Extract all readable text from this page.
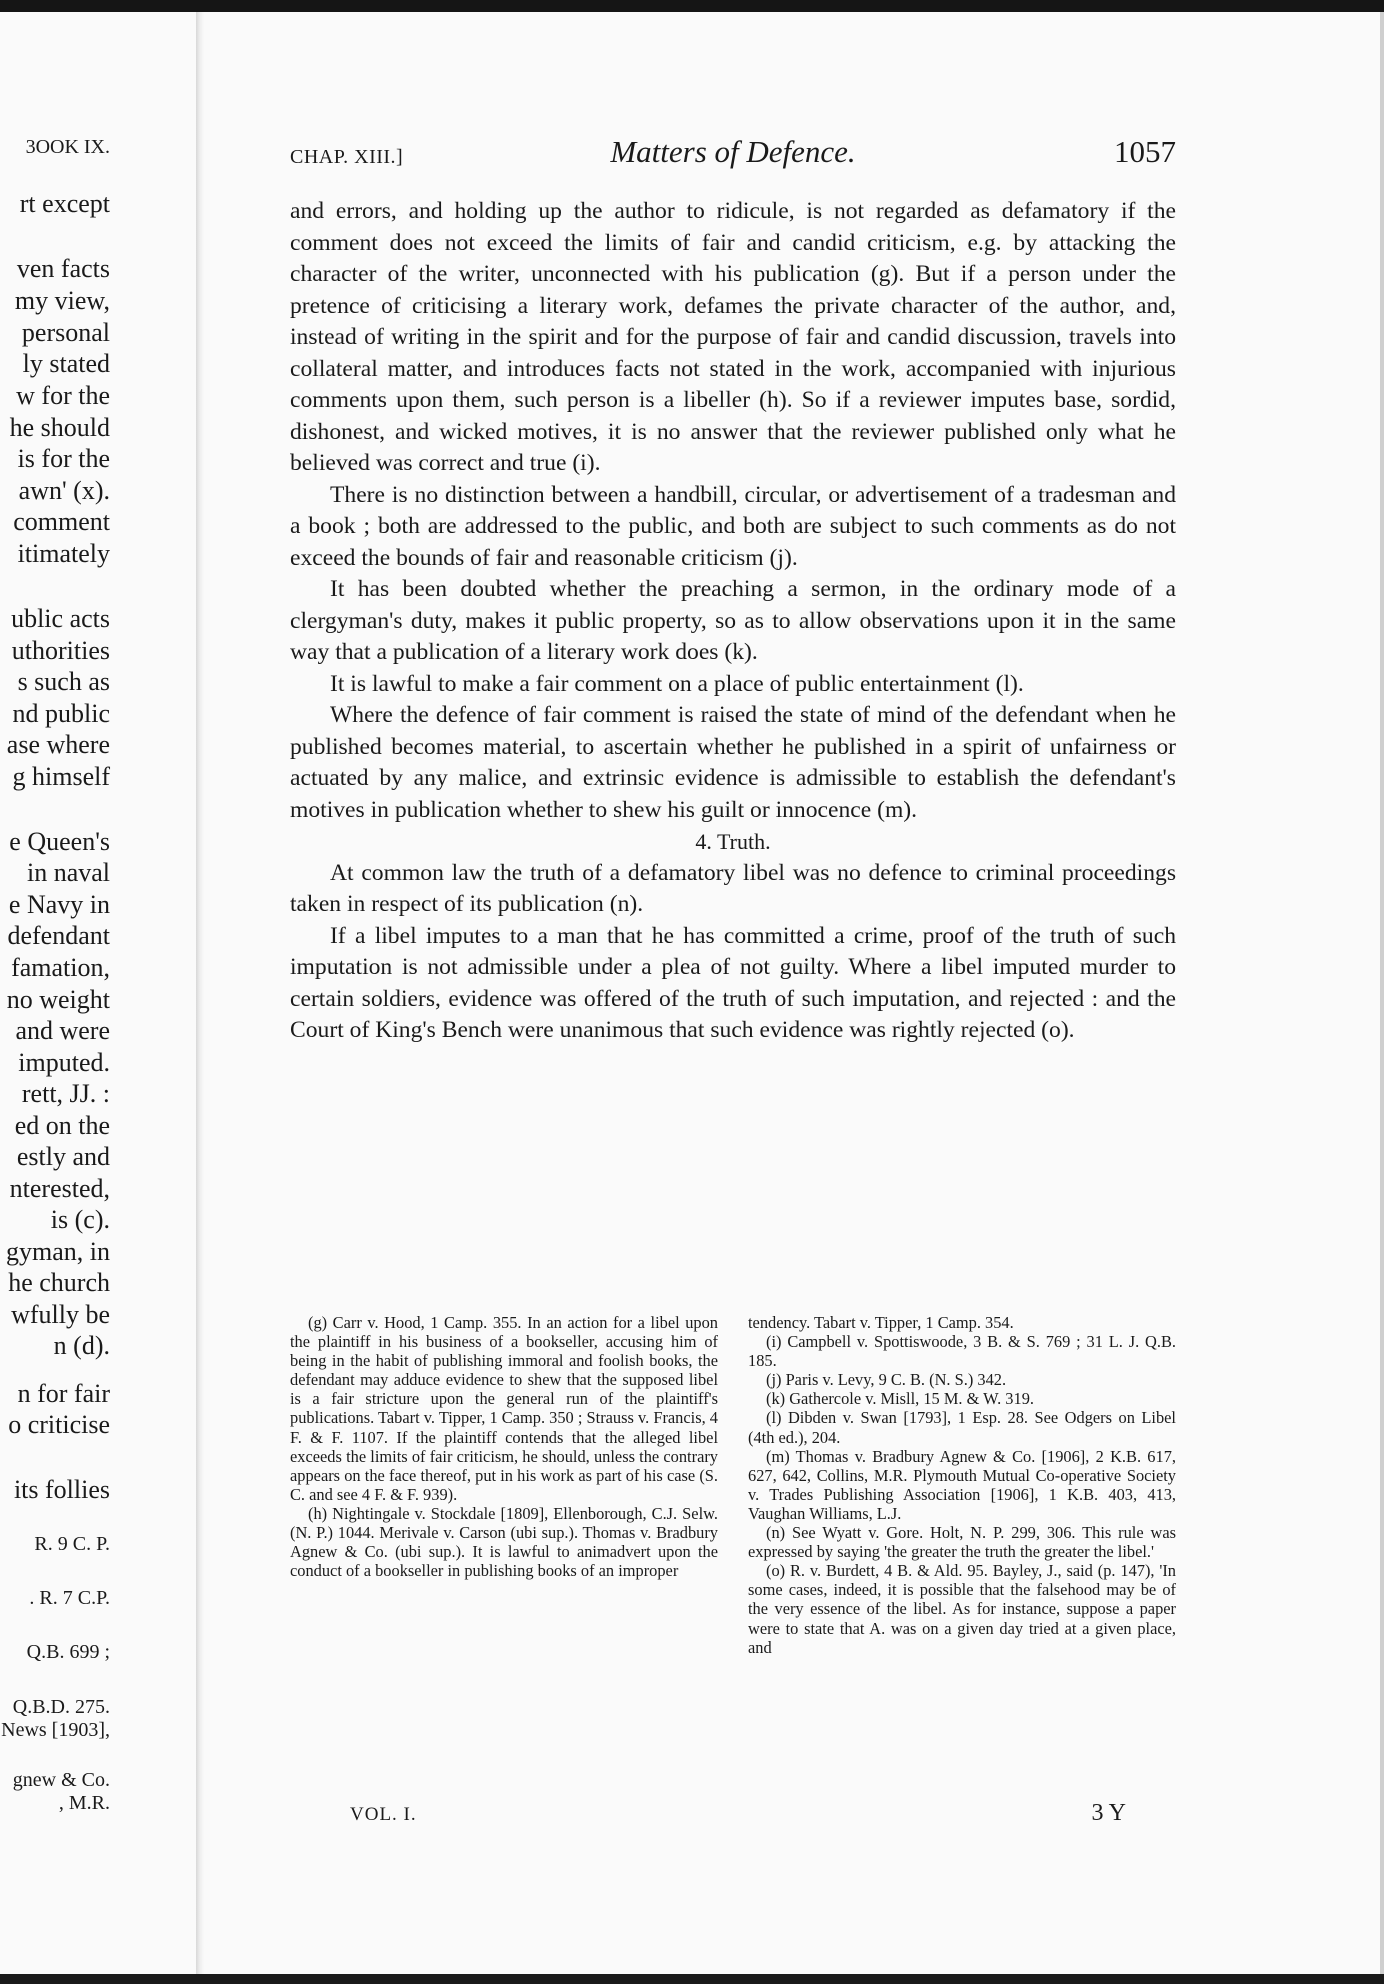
3OOK IX.
rt except
ven facts
my view,
personal
ly stated
w for the
he should
is for the
awn' (x).
comment
itimately
ublic acts
uthorities
s such as
nd public
ase where
g himself
e Queen's
in naval
e Navy in
defendant
famation,
no weight
and were
imputed.
rett, JJ. :
ed on the
estly and
nterested,
is (c).
gyman, in
he church
wfully be
n (d).
n for fair
o criticise
its follies
R. 9 C. P.
. R. 7 C.P.
Q.B. 699 ;
Q.B.D. 275.
News [1903],
gnew & Co.
, M.R.
CHAP. XIII.]	Matters of Defence.	1057

and errors, and holding up the author to ridicule, is not regarded as defamatory if the comment does not exceed the limits of fair and candid criticism, e.g. by attacking the character of the writer, unconnected with his publication (g). But if a person under the pretence of criticising a literary work, defames the private character of the author, and, instead of writing in the spirit and for the purpose of fair and candid discussion, travels into collateral matter, and introduces facts not stated in the work, accompanied with injurious comments upon them, such person is a libeller (h). So if a reviewer imputes base, sordid, dishonest, and wicked motives, it is no answer that the reviewer published only what he believed was correct and true (i).

There is no distinction between a handbill, circular, or advertisement of a tradesman and a book ; both are addressed to the public, and both are subject to such comments as do not exceed the bounds of fair and reasonable criticism (j).

It has been doubted whether the preaching a sermon, in the ordinary mode of a clergyman's duty, makes it public property, so as to allow observations upon it in the same way that a publication of a literary work does (k).

It is lawful to make a fair comment on a place of public entertainment (l).

Where the defence of fair comment is raised the state of mind of the defendant when he published becomes material, to ascertain whether he published in a spirit of unfairness or actuated by any malice, and extrinsic evidence is admissible to establish the defendant's motives in publication whether to shew his guilt or innocence (m).

4. Truth.

At common law the truth of a defamatory libel was no defence to criminal proceedings taken in respect of its publication (n).

If a libel imputes to a man that he has committed a crime, proof of the truth of such imputation is not admissible under a plea of not guilty. Where a libel imputed murder to certain soldiers, evidence was offered of the truth of such imputation, and rejected : and the Court of King's Bench were unanimous that such evidence was rightly rejected (o).

(g) Carr v. Hood, 1 Camp. 355. In an action for a libel upon the plaintiff in his business of a bookseller, accusing him of being in the habit of publishing immoral and foolish books, the defendant may adduce evidence to shew that the supposed libel is a fair stricture upon the general run of the plaintiff's publications. Tabart v. Tipper, 1 Camp. 350 ; Strauss v. Francis, 4 F. & F. 1107. If the plaintiff contends that the alleged libel exceeds the limits of fair criticism, he should, unless the contrary appears on the face thereof, put in his work as part of his case (S. C. and see 4 F. & F. 939).

(h) Nightingale v. Stockdale [1809], Ellenborough, C.J. Selw. (N. P.) 1044. Merivale v. Carson (ubi sup.). Thomas v. Bradbury Agnew & Co. (ubi sup.). It is lawful to animadvert upon the conduct of a bookseller in publishing books of an improper

tendency. Tabart v. Tipper, 1 Camp. 354.

(i) Campbell v. Spottiswoode, 3 B. & S. 769 ; 31 L. J. Q.B. 185.

(j) Paris v. Levy, 9 C. B. (N. S.) 342.

(k) Gathercole v. Misll, 15 M. & W. 319.

(l) Dibden v. Swan [1793], 1 Esp. 28. See Odgers on Libel (4th ed.), 204.

(m) Thomas v. Bradbury Agnew & Co. [1906], 2 K.B. 617, 627, 642, Collins, M.R. Plymouth Mutual Co-operative Society v. Trades Publishing Association [1906], 1 K.B. 403, 413, Vaughan Williams, L.J.

(n) See Wyatt v. Gore. Holt, N. P. 299, 306. This rule was expressed by saying 'the greater the truth the greater the libel.'

(o) R. v. Burdett, 4 B. & Ald. 95. Bayley, J., said (p. 147), 'In some cases, indeed, it is possible that the falsehood may be of the very essence of the libel. As for instance, suppose a paper were to state that A. was on a given day tried at a given place, and

VOL. I.	3 Y
